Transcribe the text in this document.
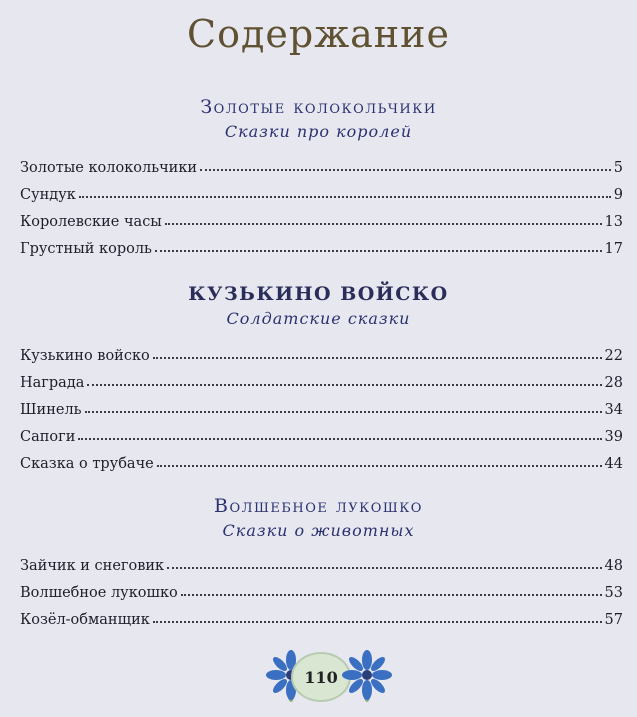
Содержание
Золотые колокольчики
Сказки про королей
Золотые колокольчики	5
Сундук	9
Королевские часы	13
Грустный король	17
КУЗЬКИНО ВОЙСКО
Солдатские сказки
Кузькино войско	22
Награда	28
Шинель	34
Сапоги	39
Сказка о трубаче	44
Волшебное лукошко
Сказки о животных
Зайчик и снеговик	48
Волшебное лукошко	53
Козёл-обманщик	57
110
